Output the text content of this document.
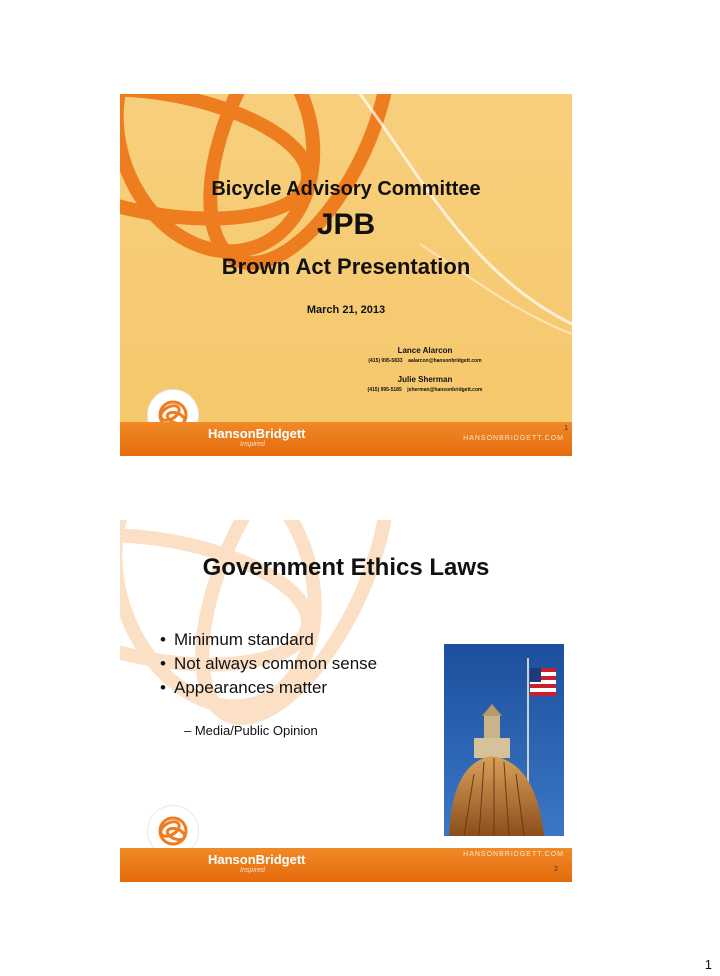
Bicycle Advisory Committee
JPB
Brown Act Presentation
March 21, 2013
Lance Alarcon
(415) 995-5833 aalarcon@hansonbridgett.com
Julie Sherman
(415) 995-5185 jsherman@hansonbridgett.com
HansonBridgett
Inspired
HANSONBRIDGETT.COM
1
Government Ethics Laws
• Minimum standard
• Not always common sense
• Appearances matter
– Media/Public Opinion
HansonBridgett
Inspired
HANSONBRIDGETT.COM
2
1
